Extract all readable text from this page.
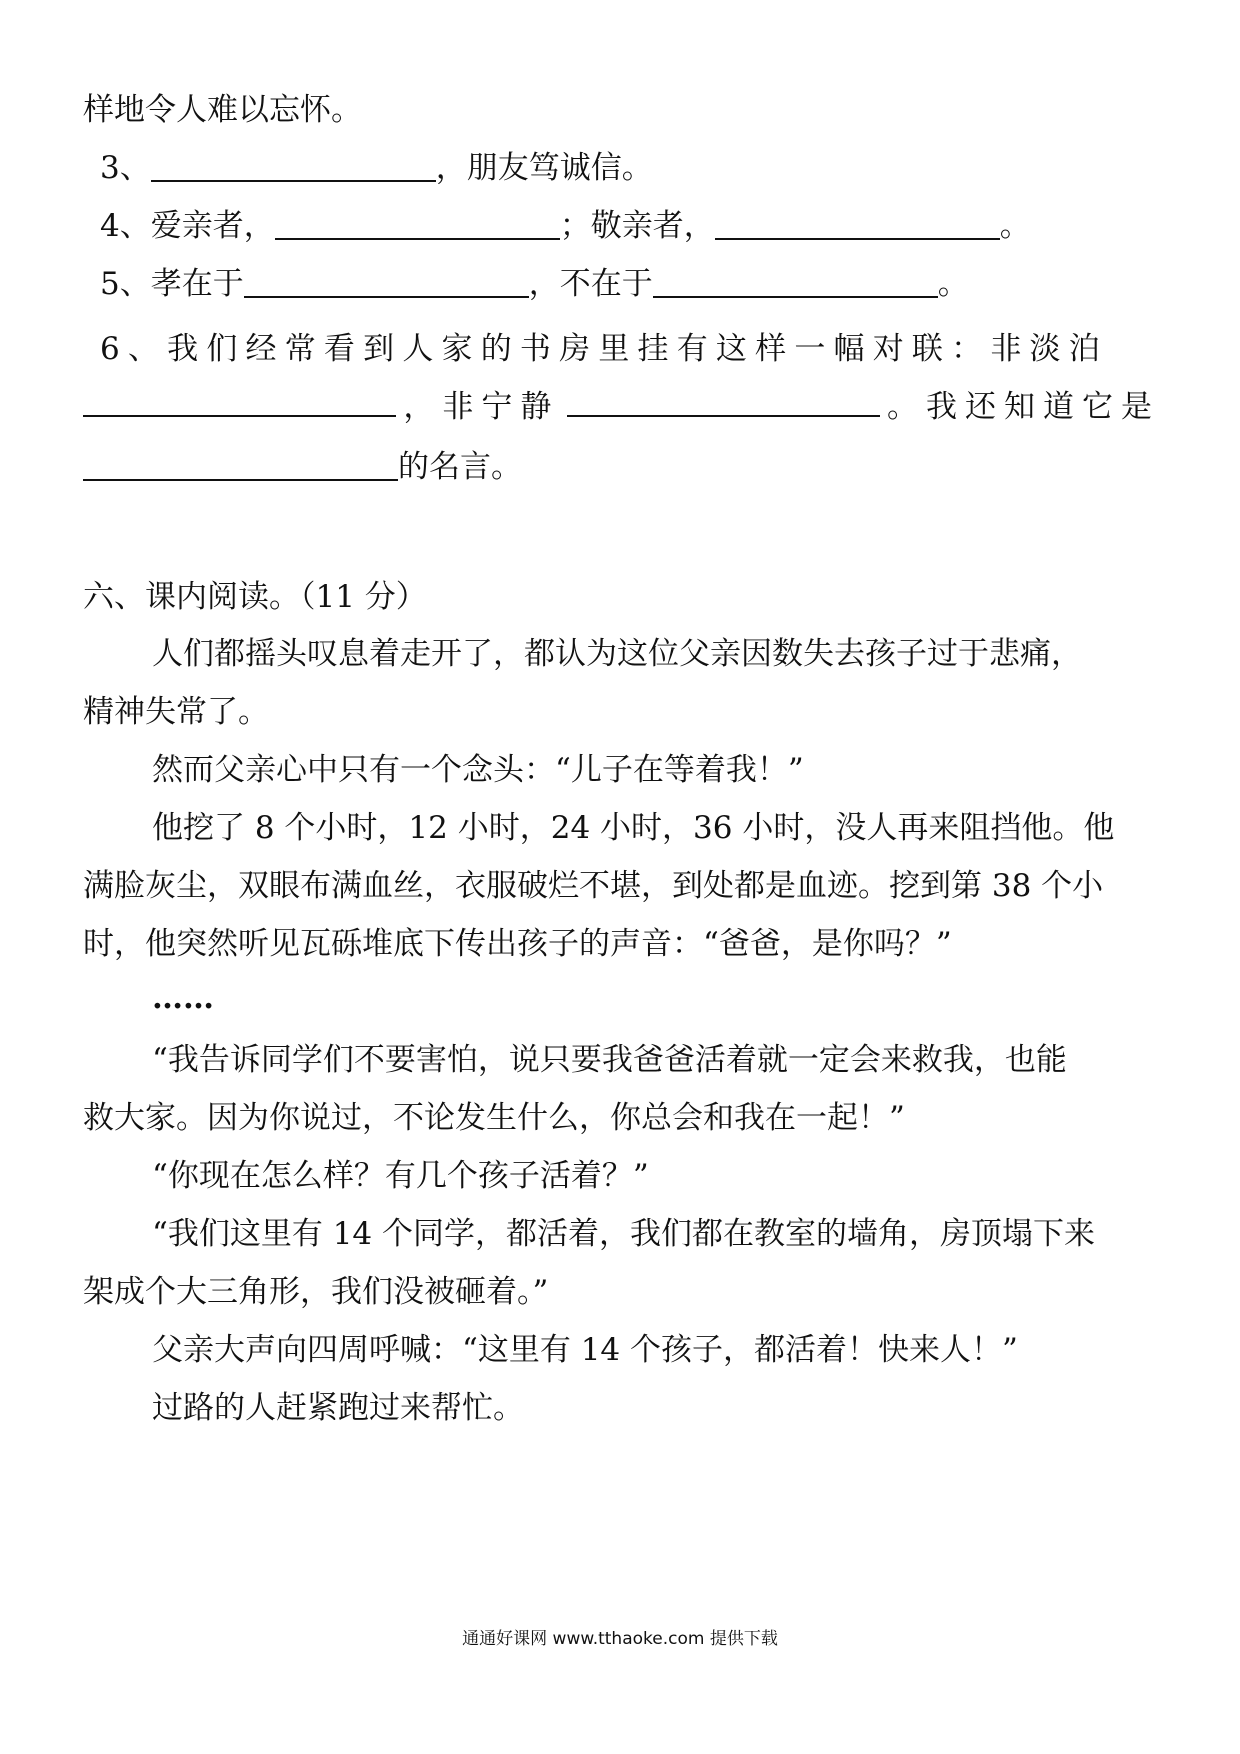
样地令人难以忘怀。
3、	，朋友笃诚信。
4、爱亲者，	；敬亲者，	。
5、孝在于	，不在于	。
6、我们经常看到人家的书房里挂有这样一幅对联：非淡泊
，非宁静	。我还知道它是
的名言。
六、课内阅读。（11 分）
人们都摇头叹息着走开了，都认为这位父亲因数失去孩子过于悲痛，
精神失常了。
然而父亲心中只有一个念头：“儿子在等着我！”
他挖了 8 个小时，12 小时，24 小时，36 小时，没人再来阻挡他。他
满脸灰尘，双眼布满血丝，衣服破烂不堪，到处都是血迹。挖到第 38 个小
时，他突然听见瓦砾堆底下传出孩子的声音：“爸爸，是你吗？”
……
“我告诉同学们不要害怕，说只要我爸爸活着就一定会来救我，也能
救大家。因为你说过，不论发生什么，你总会和我在一起！”
“你现在怎么样？有几个孩子活着？”
“我们这里有 14 个同学，都活着，我们都在教室的墙角，房顶塌下来
架成个大三角形，我们没被砸着。”
父亲大声向四周呼喊：“这里有 14 个孩子，都活着！快来人！”
过路的人赶紧跑过来帮忙。
通通好课网 www.tthaoke.com 提供下载
